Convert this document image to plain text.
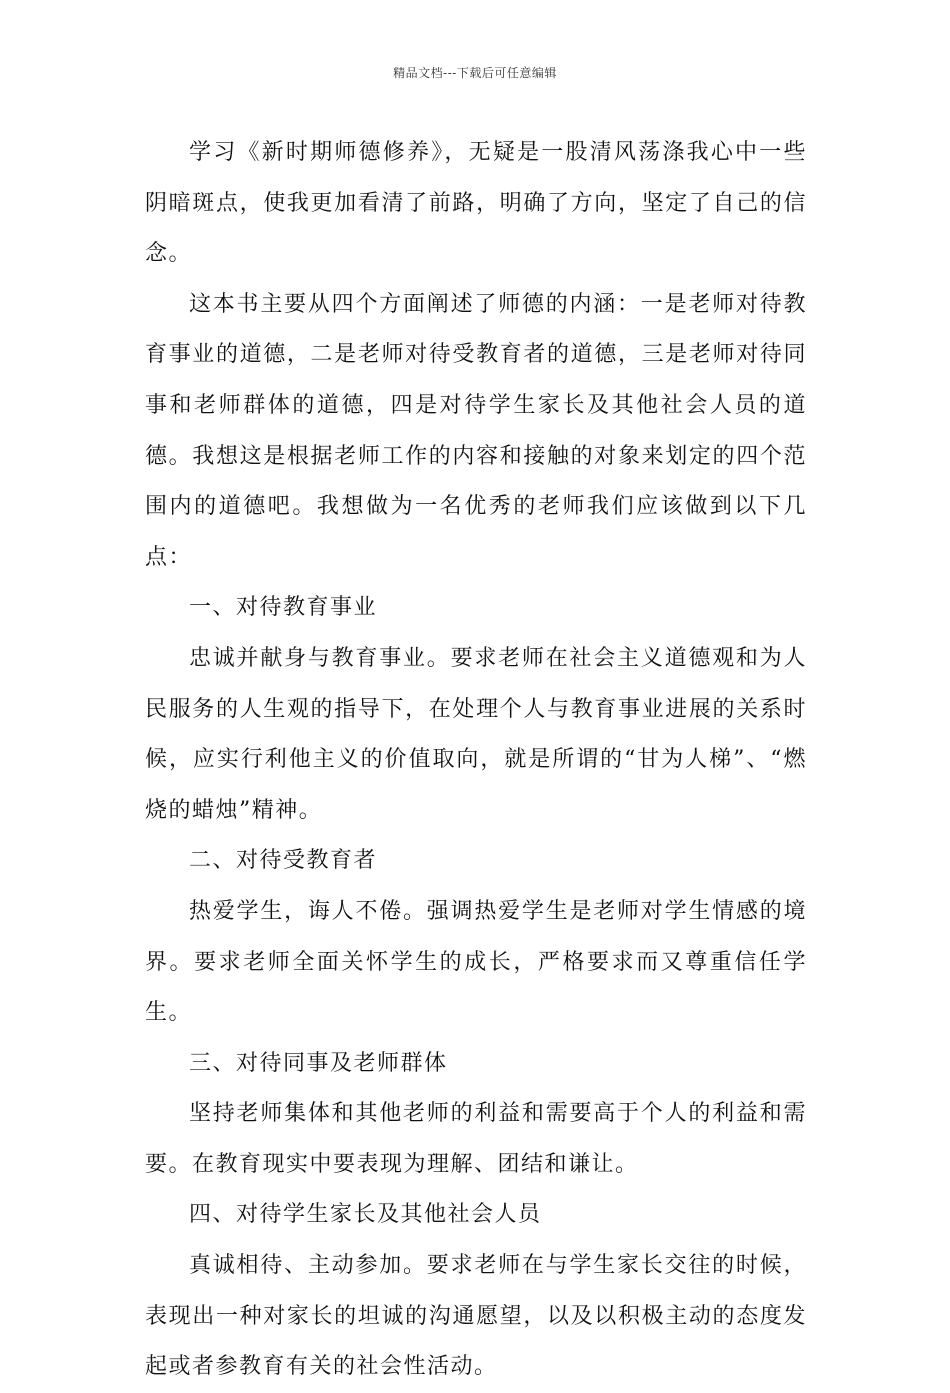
精品文档---下载后可任意编辑

学习《新时期师德修养》，无疑是一股清风荡涤我心中一些阴暗斑点，使我更加看清了前路，明确了方向，坚定了自己的信念。

这本书主要从四个方面阐述了师德的内涵：一是老师对待教育事业的道德，二是老师对待受教育者的道德，三是老师对待同事和老师群体的道德，四是对待学生家长及其他社会人员的道德。我想这是根据老师工作的内容和接触的对象来划定的四个范围内的道德吧。我想做为一名优秀的老师我们应该做到以下几点：

一、对待教育事业

忠诚并献身与教育事业。要求老师在社会主义道德观和为人民服务的人生观的指导下，在处理个人与教育事业进展的关系时候，应实行利他主义的价值取向，就是所谓的“甘为人梯”、“燃烧的蜡烛”精神。

二、对待受教育者

热爱学生，诲人不倦。强调热爱学生是老师对学生情感的境界。要求老师全面关怀学生的成长，严格要求而又尊重信任学生。

三、对待同事及老师群体

坚持老师集体和其他老师的利益和需要高于个人的利益和需要。在教育现实中要表现为理解、团结和谦让。

四、对待学生家长及其他社会人员

真诚相待、主动参加。要求老师在与学生家长交往的时候，表现出一种对家长的坦诚的沟通愿望，以及以积极主动的态度发起或者参教育有关的社会性活动。
